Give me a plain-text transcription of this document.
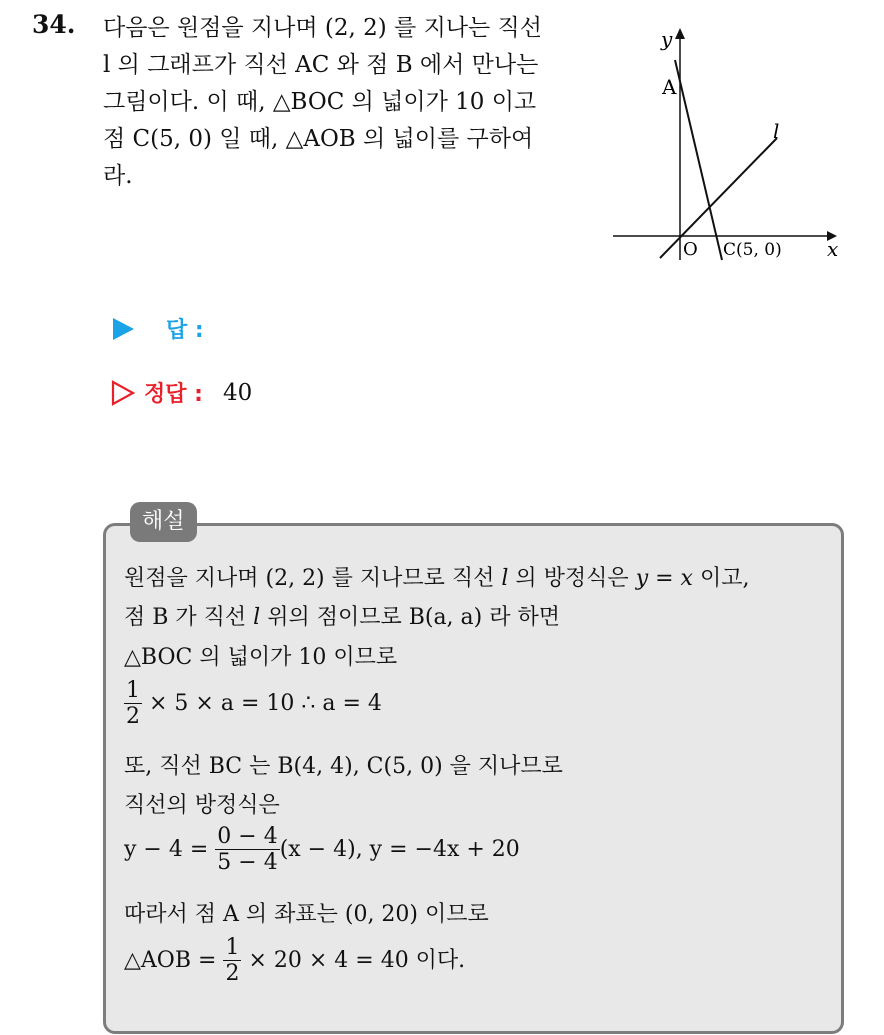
34. 다음은 원점을 지나며 (2, 2) 를 지나는 직선
l 의 그래프가 직선 AC 와 점 B 에서 만나는
그림이다. 이 때, △BOC 의 넓이가 10 이고
점 C(5, 0) 일 때, △AOB 의 넓이를 구하여
라.
y
x
O
A
C(5, 0)
l
답 :
정답 : 40
해설
원점을 지나며 (2, 2) 를 지나므로 직선 l 의 방정식은 y = x 이고,
점 B 가 직선 l 위의 점이므로 B(a, a) 라 하면
△BOC 의 넓이가 10 이므로
$\frac{1}{2} \times 5 \times a = 10$ ∴ a = 4
또, 직선 BC 는 B(4, 4), C(5, 0) 을 지나므로
직선의 방정식은
$y - 4 = \frac{0 - 4}{5 - 4} (x - 4)$, y = −4x + 20
따라서 점 A 의 좌표는 (0, 20) 이므로
△AOB = $\frac{1}{2} \times 20 \times 4 = 40$ 이다.
